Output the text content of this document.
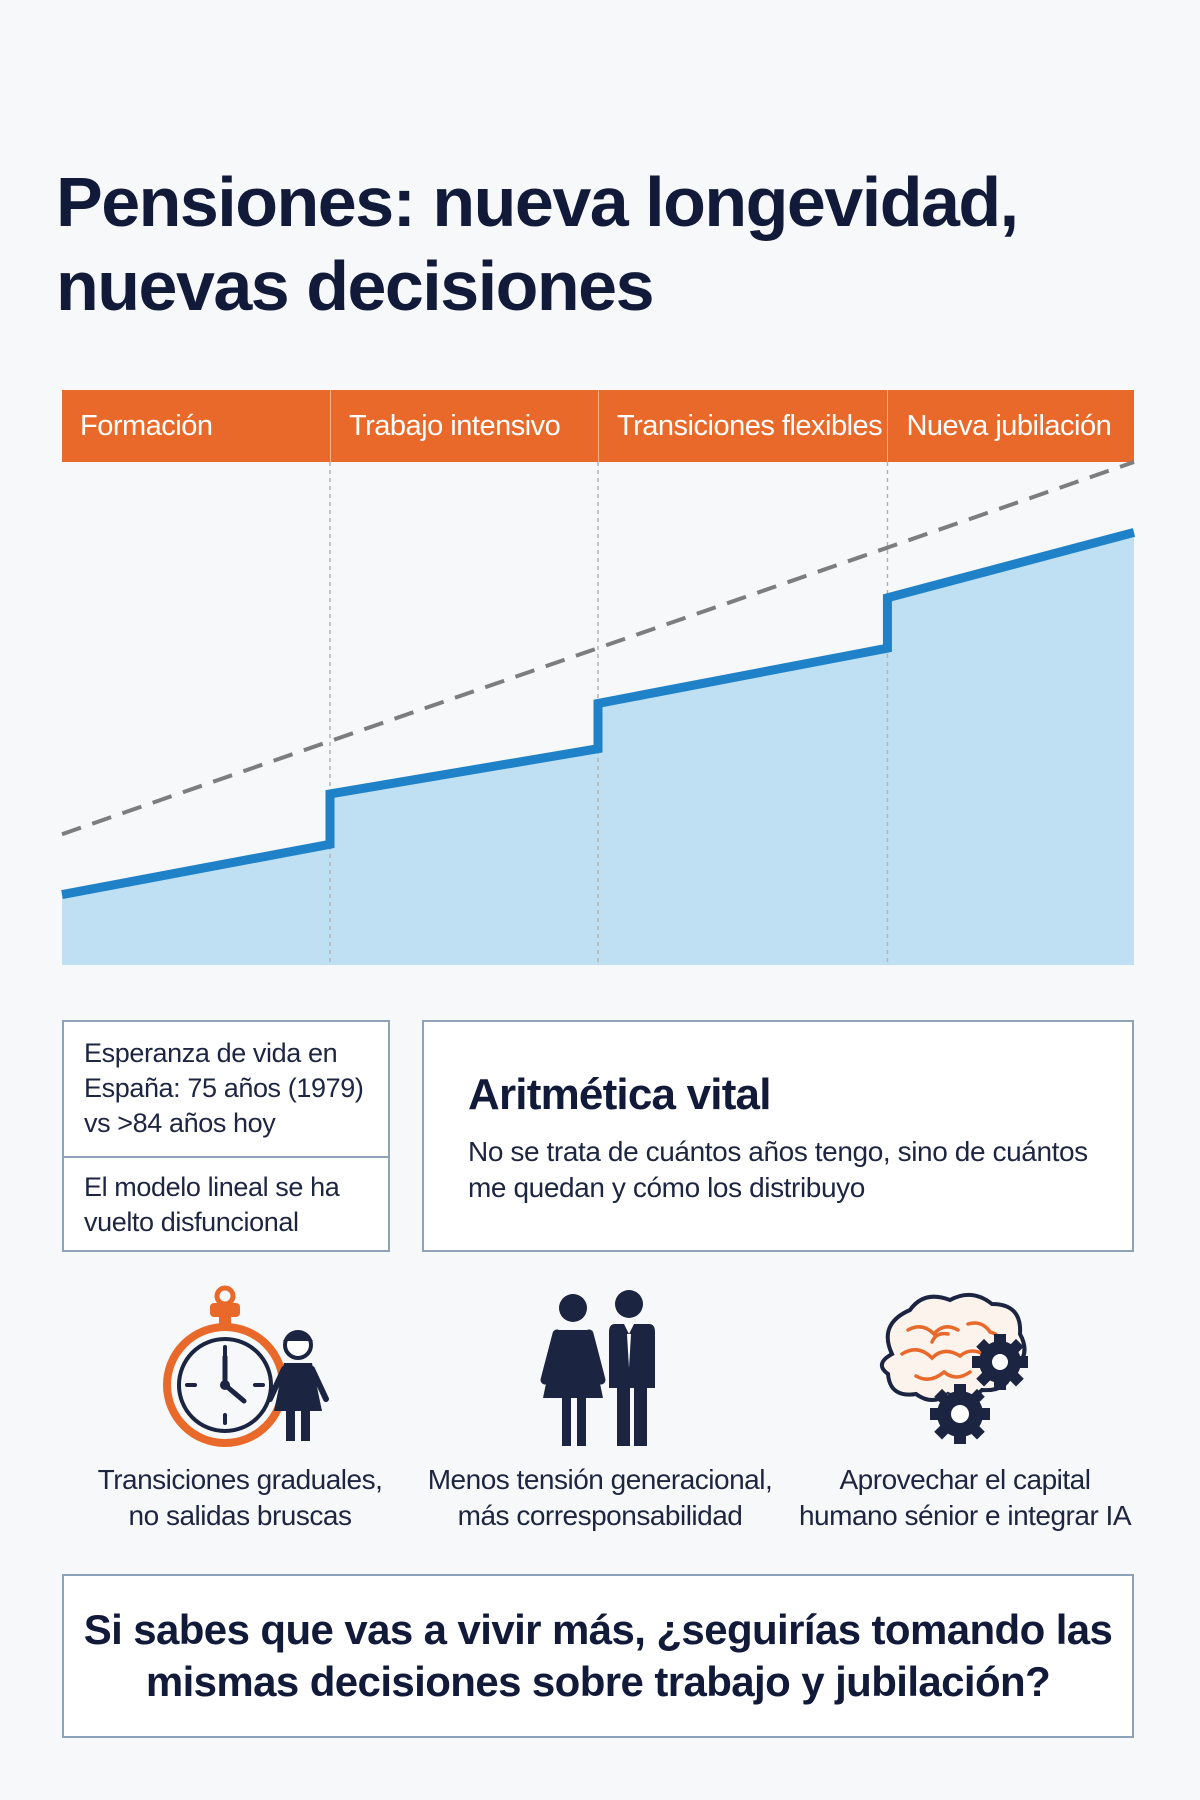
Pensiones: nueva longevidad,
nuevas decisiones
Formación	Trabajo intensivo	Transiciones flexibles Nueva jubilación
Esperanza de vida en España: 75 años (1979) vs >84 años hoy
El modelo lineal se ha vuelto disfuncional
Aritmética vital
No se trata de cuántos años tengo, sino de cuántos me quedan y cómo los distribuyo
Transiciones graduales,
no salidas bruscas
Menos tensión generacional,
más corresponsabilidad
Aprovechar el capital
humano sénior e integrar IA
Si sabes que vas a vivir más, ¿seguirías tomando las
mismas decisiones sobre trabajo y jubilación?
